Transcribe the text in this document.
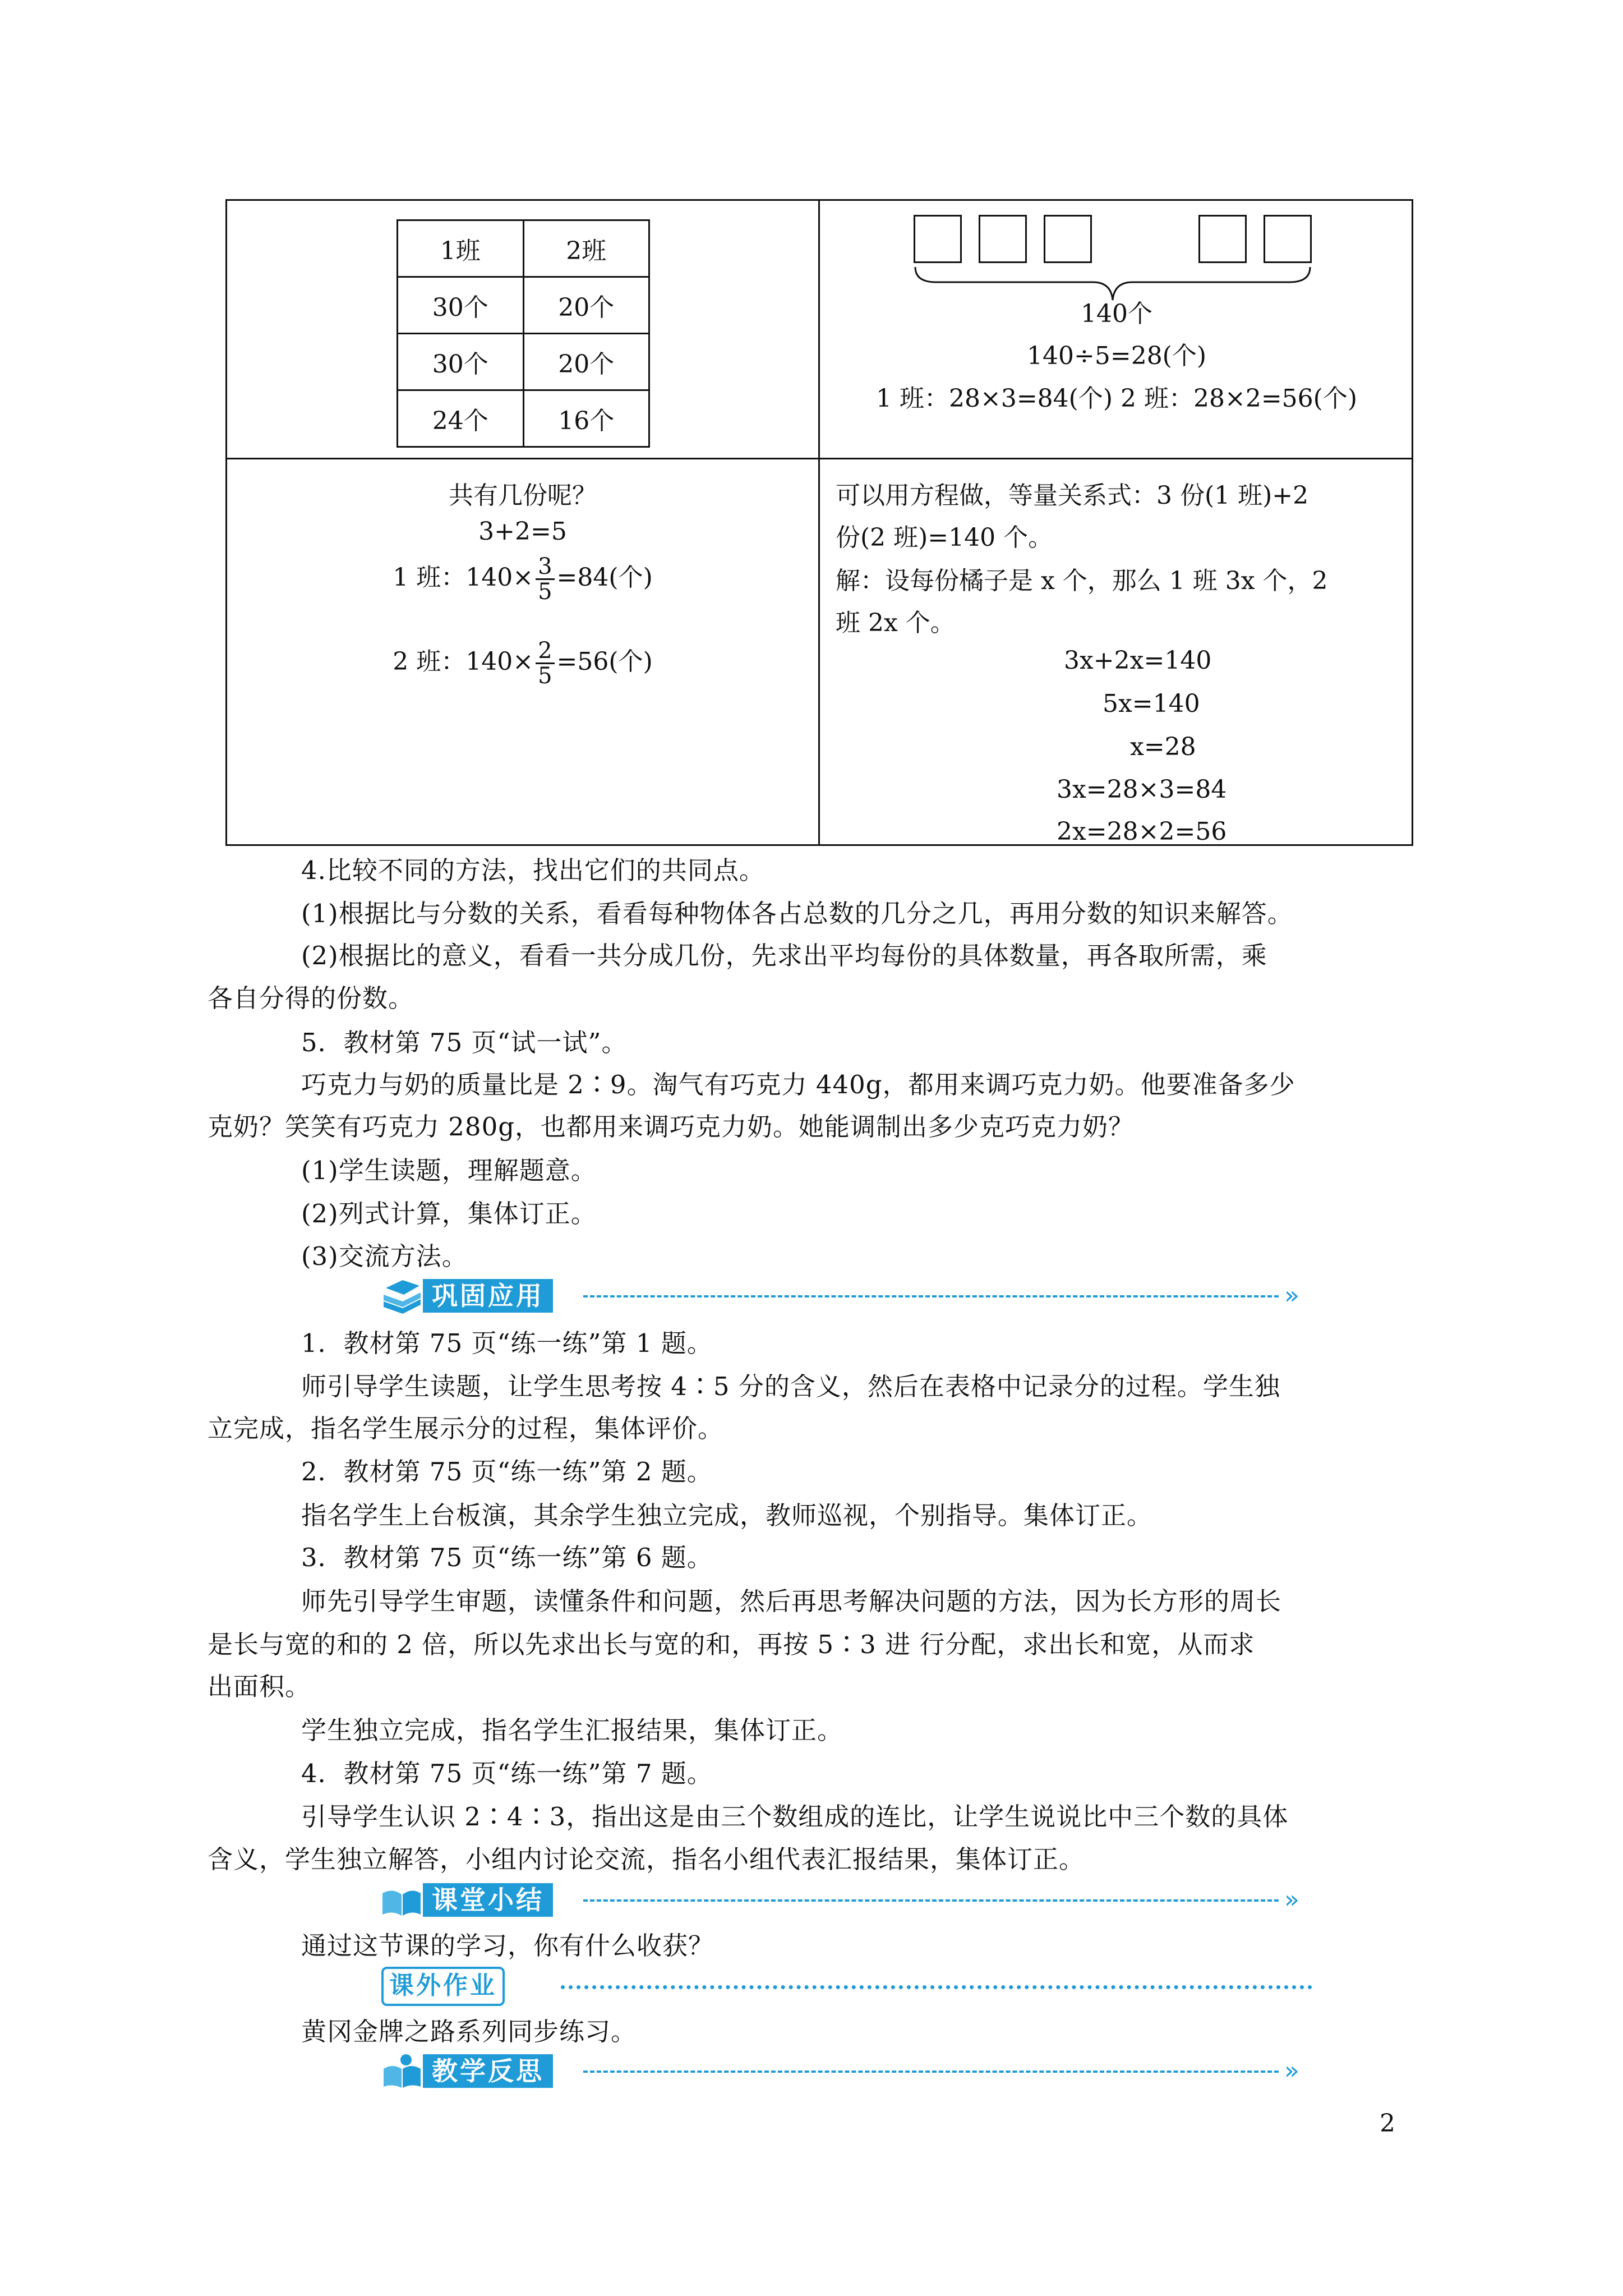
1班	2班
30个	20个
30个	20个
24个	16个
140个
140÷5=28(个)
1 班：28×3=84(个) 2 班：28×2=56(个)
共有几份呢？
3+2=5
1 班：$140\times \frac{3}{5} =84$(个)
2 班：$140\times \frac{2}{5} =56$(个)
可以用方程做，等量关系式：3 份(1 班)+2
份(2 班)=140 个。
解：设每份橘子是 x 个，那么 1 班 3x 个，2
班 2x 个。
3x+2x=140
5x=140
x=28
3x=28×3=84
2x=28×2=56
4.比较不同的方法，找出它们的共同点。
(1)根据比与分数的关系，看看每种物体各占总数的几分之几，再用分数的知识来解答。
(2)根据比的意义，看看一共分成几份，先求出平均每份的具体数量，再各取所需，乘
各自分得的份数。
5．教材第 75 页“试一试”。
巧克力与奶的质量比是 2∶9。淘气有巧克力 440g，都用来调巧克力奶。他要准备多少
克奶？笑笑有巧克力 280g，也都用来调巧克力奶。她能调制出多少克巧克力奶？
(1)学生读题，理解题意。
(2)列式计算，集体订正。
(3)交流方法。
巩固应用	»
1．教材第 75 页“练一练”第 1 题。
师引导学生读题，让学生思考按 4∶5 分的含义，然后在表格中记录分的过程。学生独
立完成，指名学生展示分的过程，集体评价。
2．教材第 75 页“练一练”第 2 题。
指名学生上台板演，其余学生独立完成，教师巡视，个别指导。集体订正。
3．教材第 75 页“练一练”第 6 题。
师先引导学生审题，读懂条件和问题，然后再思考解决问题的方法，因为长方形的周长
是长与宽的和的 2 倍，所以先求出长与宽的和，再按 5∶3 进 行分配，求出长和宽，从而求
出面积。
学生独立完成，指名学生汇报结果，集体订正。
4．教材第 75 页“练一练”第 7 题。
引导学生认识 2∶4∶3，指出这是由三个数组成的连比，让学生说说比中三个数的具体
含义，学生独立解答，小组内讨论交流，指名小组代表汇报结果，集体订正。
课堂小结	»
通过这节课的学习，你有什么收获？
课外作业
黄冈金牌之路系列同步练习。
教学反思	»
2
